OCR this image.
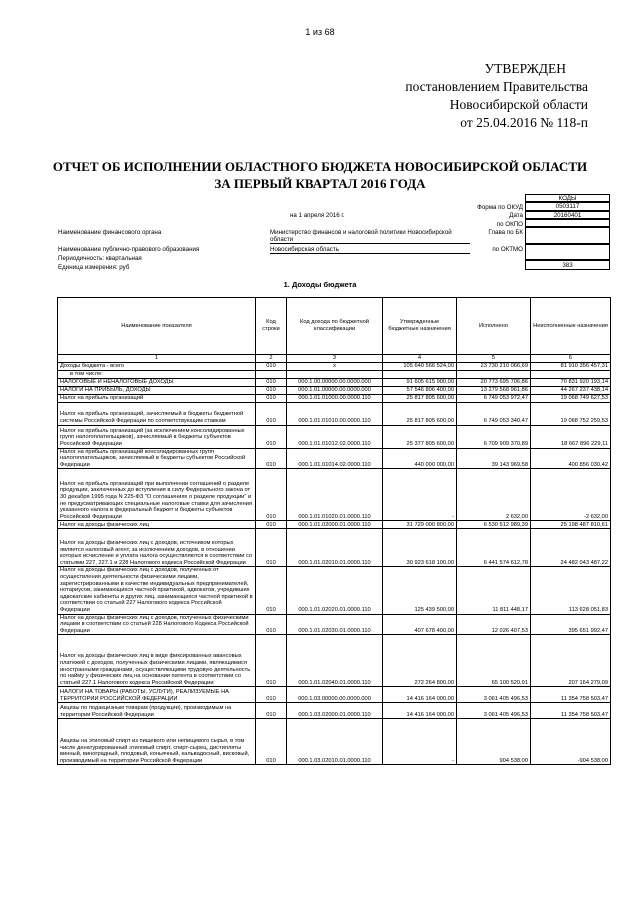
1 из 68
УТВЕРЖДЕН
постановлением Правительства
Новосибирской области
от 25.04.2016 № 118-п
ОТЧЕТ ОБ ИСПОЛНЕНИИ ОБЛАСТНОГО БЮДЖЕТА НОВОСИБИРСКОЙ ОБЛАСТИ
ЗА ПЕРВЫЙ КВАРТАЛ 2016 ГОДА
КОДЫ
Форма по ОКУД	0503117
на 1 апреля 2016 г.	Дата	20160401
по ОКПО
Наименование финансового органа	Министерство финансов и налоговой политики Новосибирской области
Глава по БК
Наименование публично-правового образования	Новосибирская область	по ОКТМО
Периодичность: квартальная
Единица измерения: руб	383
1. Доходы бюджета
Наименование показателя	Код строки	Код дохода по бюджетной классификации	Утвержденные бюджетные назначения	Исполнено	Неисполненные назначения
1	2	3	4	5	6
Доходы бюджета - всего	010	x	105 640 566 524,00	23 730 210 066,69	81 910 356 457,31
в том числе:					
НАЛОГОВЫЕ И НЕНАЛОГОВЫЕ ДОХОДЫ	010	000.1.00.00000.00.0000.000	91 605 615 900,00	20 773 695 706,86	70 831 920 193,14
НАЛОГИ НА ПРИБЫЛЬ, ДОХОДЫ	010	000.1.01.00000.00.0000.000	57 546 806 400,00	13 279 568 961,86	44 267 237 438,14
Налог на прибыль организаций	010	000.1.01.01000.00.0000.110	25 817 805 600,00	6 749 053 972,47	19 068 749 627,53
Налог на прибыль организаций, зачисляемый в бюджеты бюджетной системы Российской Федерации по соответствующим ставкам	010	000.1.01.01010.00.0000.110	25 817 805 600,00	6 749 053 340,47	19 068 752 259,53
Налог на прибыль организаций (за исключением консолидированных групп налогоплательщиков), зачисляемый в бюджеты субъектов Российской Федерации	010	000.1.01.01012.02.0000.110	25 377 805 600,00	6 709 909 370,89	18 667 896 229,11
Налог на прибыль организаций консолидированных групп налогоплательщиков, зачисляемый в бюджеты субъектов Российской Федерации	010	000.1.01.01014.02.0000.110	440 000 000,00	39 143 969,58	400 856 030,42
Налог на прибыль организаций при выполнении соглашений о разделе продукции, заключенных до вступления в силу Федерального закона от 30 декабря 1995 года N 225-ФЗ "О соглашениях о разделе продукции" и не предусматривающих специальные налоговые ставки для зачисления указанного налога в федеральный бюджет и бюджеты субъектов Российской Федерации	010	000.1.01.01020.01.0000.110	-	2 632,00	-2 632,00
Налог на доходы физических лиц	010	000.1.01.02000.01.0000.110	31 729 000 800,00	6 530 512 989,39	25 198 487 810,61
Налог на доходы физических лиц с доходов, источником которых является налоговый агент, за исключением доходов, в отношении которых исчисление и уплата налога осуществляются в соответствии со статьями 227, 227.1 и 228 Налогового кодекса Российской Федерации	010	000.1.01.02010.01.0000.110	30 923 618 100,00	6 441 574 612,78	24 482 043 487,22
Налог на доходы физических лиц с доходов, полученных от осуществления деятельности физическими лицами, зарегистрированными в качестве индивидуальных предпринимателей, нотариусов, занимающихся частной практикой, адвокатов, учредивших адвокатские кабинеты и других лиц, занимающихся частной практикой в соответствии со статьей 227 Налогового кодекса Российской Федерации	010	000.1.01.02020.01.0000.110	125 439 500,00	11 811 448,17	113 628 051,83
Налог на доходы физических лиц с доходов, полученных физическими лицами в соответствии со статьей 228 Налогового Кодекса Российской Федерации	010	000.1.01.02030.01.0000.110	407 678 400,00	12 026 407,53	395 651 992,47
Налог на доходы физических лиц в виде фиксированных авансовых платежей с доходов, полученных физическими лицами, являющимися иностранными гражданами, осуществляющими трудовую деятельность по найму у физических лиц на основании патента в соответствии со статьей 227.1 Налогового кодекса Российской Федерации	010	000.1.01.02040.01.0000.110	272 264 800,00	65 100 520,91	207 164 279,09
НАЛОГИ НА ТОВАРЫ (РАБОТЫ, УСЛУГИ), РЕАЛИЗУЕМЫЕ НА ТЕРРИТОРИИ РОССИЙСКОЙ ФЕДЕРАЦИИ	010	000.1.03.00000.00.0000.000	14 416 164 000,00	3 061 405 496,53	11 354 758 503,47
Акцизы по подакцизным товарам (продукции), производимым на территории Российской Федерации	010	000.1.03.02000.01.0000.110	14 416 164 000,00	3 061 405 496,53	11 354 758 503,47
Акцизы на этиловый спирт из пищевого или непищевого сырья, в том числе денатурированный этиловый спирт, спирт-сырец, дистилляты винный, виноградный, плодовый, коньячный, кальвадосный, висковый, производимый на территории Российской Федерации	010	000.1.03.02010.01.0000.110	-	904 538,00	-904 538,00
